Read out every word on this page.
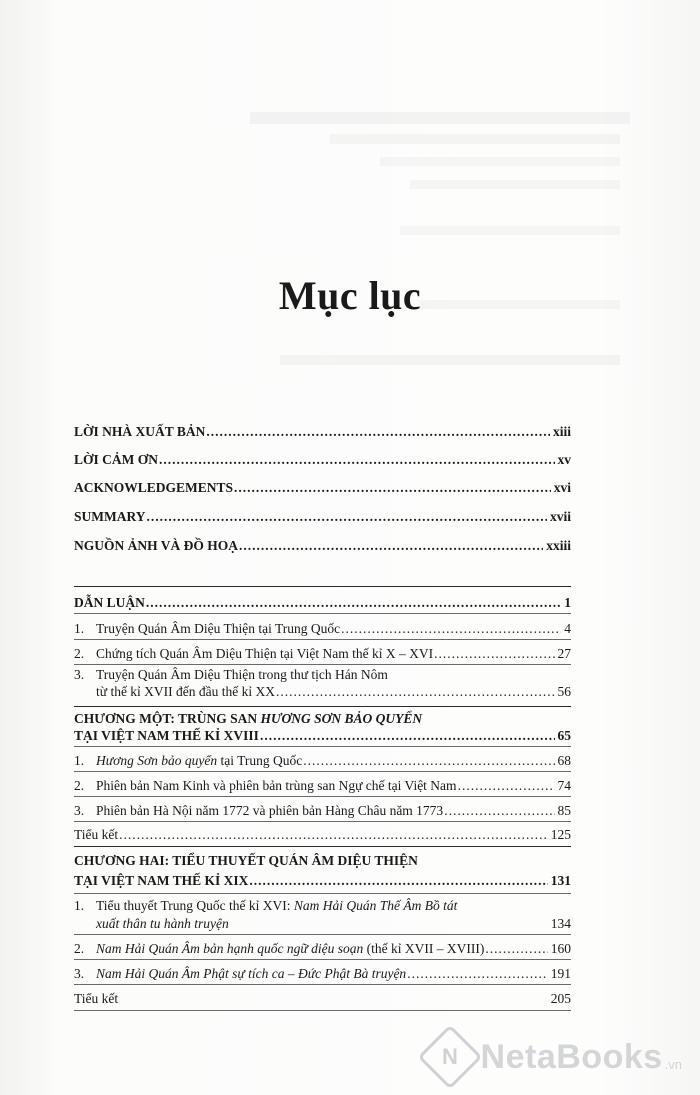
Mục lục
LỜI NHÀ XUẤT BẢN .....	xiii
LỜI CẢM ƠN .....	xv
ACKNOWLEDGEMENTS .....	xvi
SUMMARY .....	xvii
NGUỒN ẢNH VÀ ĐỒ HOẠ .....	xxiii
DẪN LUẬN .....	1
1. Truyện Quán Âm Diệu Thiện tại Trung Quốc .....	4
2. Chứng tích Quán Âm Diệu Thiện tại Việt Nam thế kỉ X – XVI .....	27
3. Truyện Quán Âm Diệu Thiện trong thư tịch Hán Nôm
từ thế kỉ XVII đến đầu thế kỉ XX .....	56
CHƯƠNG MỘT: TRÙNG SAN HƯƠNG SƠN BẢO QUYỂN
TẠI VIỆT NAM THẾ KỈ XVIII .....	65
1. Hương Sơn bảo quyển tại Trung Quốc .....	68
2. Phiên bản Nam Kinh và phiên bản trùng san Ngự chế tại Việt Nam .....	74
3. Phiên bản Hà Nội năm 1772 và phiên bản Hàng Châu năm 1773 .....	85
Tiểu kết .....	125
CHƯƠNG HAI: TIỂU THUYẾT QUÁN ÂM DIỆU THIỆN
TẠI VIỆT NAM THẾ KỈ XIX .....	131
1. Tiểu thuyết Trung Quốc thế kỉ XVI: Nam Hải Quán Thế Âm Bồ tát
xuất thân tu hành truyện	134
2. Nam Hải Quán Âm bản hạnh quốc ngữ diệu soạn (thế kỉ XVII – XVIII) .....	160
3. Nam Hải Quán Âm Phật sự tích ca – Đức Phật Bà truyện .....	191
Tiểu kết	205
N NetaBooks .vn
